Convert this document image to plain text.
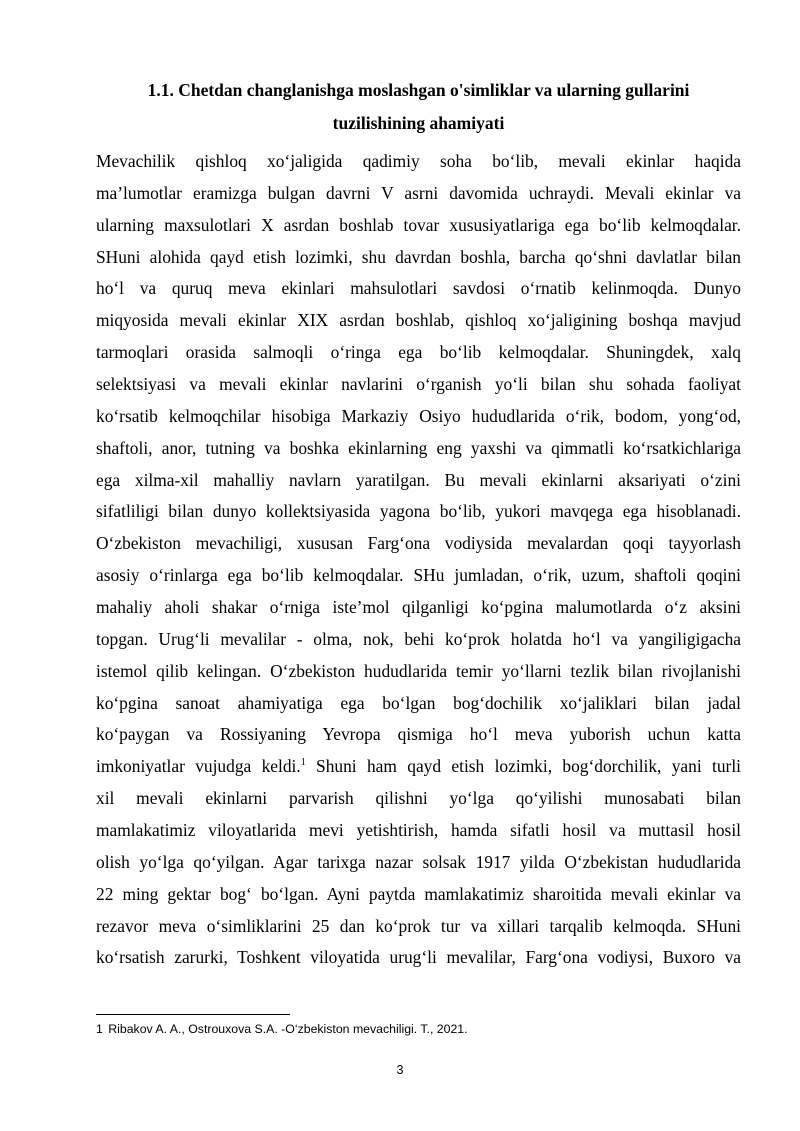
1.1. Chetdan changlanishga moslashgan o'simliklar va ularning gullarini
tuzilishining ahamiyati
Mevachilik qishloq xo‘jaligida qadimiy soha bo‘lib, mevali ekinlar haqida
ma’lumotlar eramizga bulgan davrni V asrni davomida uchraydi. Mevali ekinlar va
ularning maxsulotlari X asrdan boshlab tovar xususiyatlariga ega bo‘lib kelmoqdalar.
SHuni alohida qayd etish lozimki, shu davrdan boshla, barcha qo‘shni davlatlar bilan
ho‘l va quruq meva ekinlari mahsulotlari savdosi o‘rnatib kelinmoqda. Dunyo
miqyosida mevali ekinlar XIX asrdan boshlab, qishloq xo‘jaligining boshqa mavjud
tarmoqlari orasida salmoqli o‘ringa ega bo‘lib kelmoqdalar. Shuningdek, xalq
selektsiyasi va mevali ekinlar navlarini o‘rganish yo‘li bilan shu sohada faoliyat
ko‘rsatib kelmoqchilar hisobiga Markaziy Osiyo hududlarida o‘rik, bodom, yong‘od,
shaftoli, anor, tutning va boshka ekinlarning eng yaxshi va qimmatli ko‘rsatkichlariga
ega xilma-xil mahalliy navlarn yaratilgan. Bu mevali ekinlarni aksariyati o‘zini
sifatliligi bilan dunyo kollektsiyasida yagona bo‘lib, yukori mavqega ega hisoblanadi.
O‘zbekiston mevachiligi, xususan Farg‘ona vodiysida mevalardan qoqi tayyorlash
asosiy o‘rinlarga ega bo‘lib kelmoqdalar. SHu jumladan, o‘rik, uzum, shaftoli qoqini
mahaliy aholi shakar o‘rniga iste’mol qilganligi ko‘pgina malumotlarda o‘z aksini
topgan. Urug‘li mevalilar - olma, nok, behi ko‘prok holatda ho‘l va yangiligigacha
istemol qilib kelingan. O‘zbekiston hududlarida temir yo‘llarni tezlik bilan rivojlanishi
ko‘pgina sanoat ahamiyatiga ega bo‘lgan bog‘dochilik xo‘jaliklari bilan jadal
ko‘paygan va Rossiyaning Yevropa qismiga ho‘l meva yuborish uchun katta
imkoniyatlar vujudga keldi.$^1$ Shuni ham qayd etish lozimki, bog‘dorchilik, yani turli
xil mevali ekinlarni parvarish qilishni yo‘lga qo‘yilishi munosabati bilan
mamlakatimiz viloyatlarida mevi yetishtirish, hamda sifatli hosil va muttasil hosil
olish yo‘lga qo‘yilgan. Agar tarixga nazar solsak 1917 yilda O‘zbekistan hududlarida
22 ming gektar bog‘ bo‘lgan. Ayni paytda mamlakatimiz sharoitida mevali ekinlar va
rezavor meva o‘simliklarini 25 dan ko‘prok tur va xillari tarqalib kelmoqda. SHuni
ko‘rsatish zarurki, Toshkent viloyatida urug‘li mevalilar, Farg‘ona vodiysi, Buxoro va
1 Ribakov A. A., Ostrouxova S.A. -O‘zbekiston mevachiligi. T., 2021.
3
